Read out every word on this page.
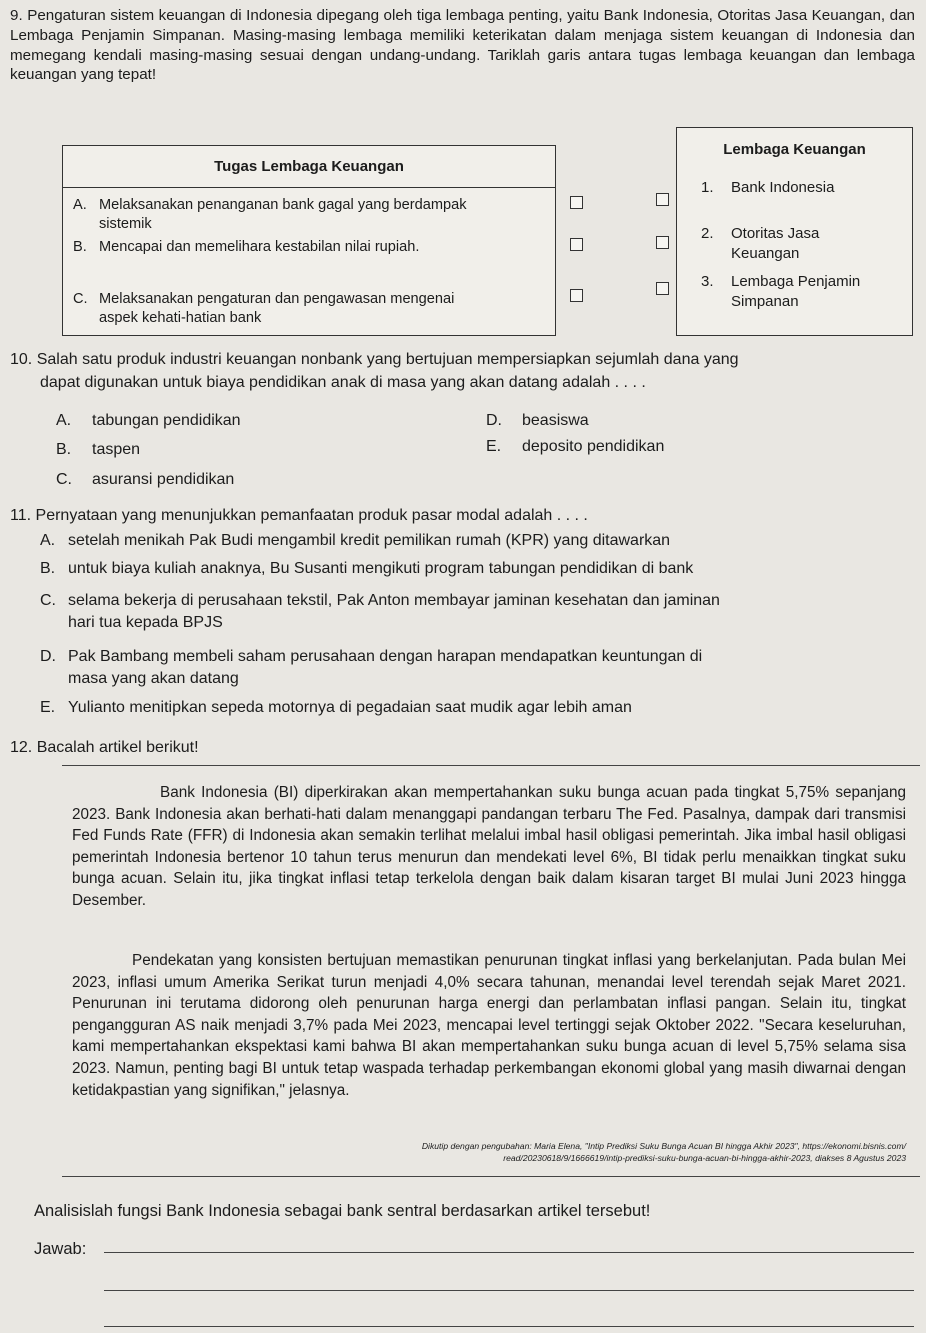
9. Pengaturan sistem keuangan di Indonesia dipegang oleh tiga lembaga penting, yaitu Bank Indonesia, Otoritas Jasa Keuangan, dan Lembaga Penjamin Simpanan. Masing-masing lembaga memiliki keterikatan dalam menjaga sistem keuangan di Indonesia dan memegang kendali masing-masing sesuai dengan undang-undang. Tariklah garis antara tugas lembaga keuangan dan lembaga keuangan yang tepat!
Tugas Lembaga Keuangan
A. Melaksanakan penanganan bank gagal yang berdampak
sistemik
B. Mencapai dan memelihara kestabilan nilai rupiah.
C. Melaksanakan pengaturan dan pengawasan mengenai
aspek kehati-hatian bank
Lembaga Keuangan
1. Bank Indonesia
2. Otoritas Jasa
Keuangan
3. Lembaga Penjamin
Simpanan
10. Salah satu produk industri keuangan nonbank yang bertujuan mempersiapkan sejumlah dana yang
dapat digunakan untuk biaya pendidikan anak di masa yang akan datang adalah . . . .
A. tabungan pendidikan
B. taspen
C. asuransi pendidikan
D. beasiswa
E. deposito pendidikan
11. Pernyataan yang menunjukkan pemanfaatan produk pasar modal adalah . . . .
A. setelah menikah Pak Budi mengambil kredit pemilikan rumah (KPR) yang ditawarkan
B. untuk biaya kuliah anaknya, Bu Susanti mengikuti program tabungan pendidikan di bank
C. selama bekerja di perusahaan tekstil, Pak Anton membayar jaminan kesehatan dan jaminan
hari tua kepada BPJS
D. Pak Bambang membeli saham perusahaan dengan harapan mendapatkan keuntungan di
masa yang akan datang
E. Yulianto menitipkan sepeda motornya di pegadaian saat mudik agar lebih aman
12. Bacalah artikel berikut!
Bank Indonesia (BI) diperkirakan akan mempertahankan suku bunga acuan pada tingkat 5,75% sepanjang 2023. Bank Indonesia akan berhati-hati dalam menanggapi pandangan terbaru The Fed. Pasalnya, dampak dari transmisi Fed Funds Rate (FFR) di Indonesia akan semakin terlihat melalui imbal hasil obligasi pemerintah. Jika imbal hasil obligasi pemerintah Indonesia bertenor 10 tahun terus menurun dan mendekati level 6%, BI tidak perlu menaikkan tingkat suku bunga acuan. Selain itu, jika tingkat inflasi tetap terkelola dengan baik dalam kisaran target BI mulai Juni 2023 hingga Desember.
Pendekatan yang konsisten bertujuan memastikan penurunan tingkat inflasi yang berkelanjutan. Pada bulan Mei 2023, inflasi umum Amerika Serikat turun menjadi 4,0% secara tahunan, menandai level terendah sejak Maret 2021. Penurunan ini terutama didorong oleh penurunan harga energi dan perlambatan inflasi pangan. Selain itu, tingkat pengangguran AS naik menjadi 3,7% pada Mei 2023, mencapai level tertinggi sejak Oktober 2022. "Secara keseluruhan, kami mempertahankan ekspektasi kami bahwa BI akan mempertahankan suku bunga acuan di level 5,75% selama sisa 2023. Namun, penting bagi BI untuk tetap waspada terhadap perkembangan ekonomi global yang masih diwarnai dengan ketidakpastian yang signifikan," jelasnya.
Dikutip dengan pengubahan: Maria Elena, "Intip Prediksi Suku Bunga Acuan BI hingga Akhir 2023", https://ekonomi.bisnis.com/
read/20230618/9/1666619/intip-prediksi-suku-bunga-acuan-bi-hingga-akhir-2023, diakses 8 Agustus 2023
Analisislah fungsi Bank Indonesia sebagai bank sentral berdasarkan artikel tersebut!
Jawab:
